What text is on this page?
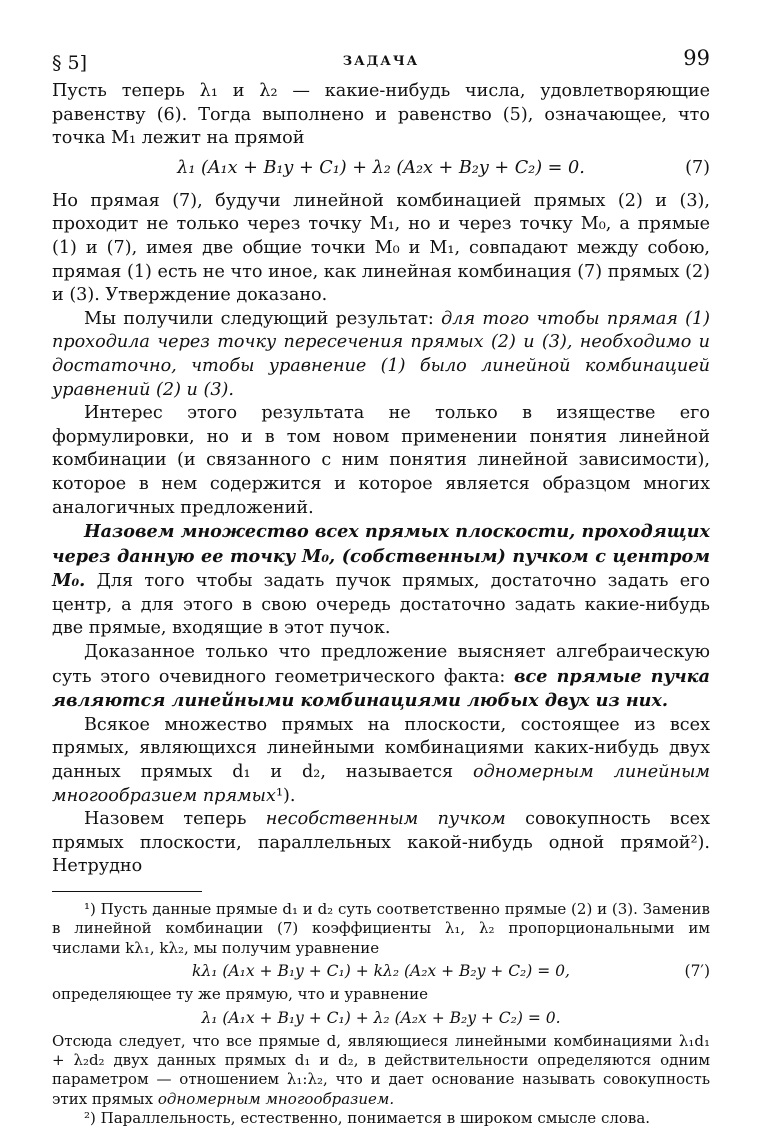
§ 5]	ЗАДАЧА	99

Пусть теперь λ₁ и λ₂ — какие-нибудь числа, удовлетворяющие равенству (6). Тогда выполнено и равенство (5), означающее, что точка M₁ лежит на прямой

λ₁ (A₁x + B₁y + C₁) + λ₂ (A₂x + B₂y + C₂) = 0.	(7)

Но прямая (7), будучи линейной комбинацией прямых (2) и (3), проходит не только через точку M₁, но и через точку M₀, а прямые (1) и (7), имея две общие точки M₀ и M₁, совпадают между собою, прямая (1) есть не что иное, как линейная комбинация (7) прямых (2) и (3). Утверждение доказано.

Мы получили следующий результат: для того чтобы прямая (1) проходила через точку пересечения прямых (2) и (3), необходимо и достаточно, чтобы уравнение (1) было линейной комбинацией уравнений (2) и (3).

Интерес этого результата не только в изяществе его формулировки, но и в том новом применении понятия линейной комбинации (и связанного с ним понятия линейной зависимости), которое в нем содержится и которое является образцом многих аналогичных предложений.

Назовем множество всех прямых плоскости, проходящих через данную ее точку M₀, (собственным) пучком с центром M₀. Для того чтобы задать пучок прямых, достаточно задать его центр, а для этого в свою очередь достаточно задать какие-нибудь две прямые, входящие в этот пучок.

Доказанное только что предложение выясняет алгебраическую суть этого очевидного геометрического факта: все прямые пучка являются линейными комбинациями любых двух из них.

Всякое множество прямых на плоскости, состоящее из всех прямых, являющихся линейными комбинациями каких-нибудь двух данных прямых d₁ и d₂, называется одномерным линейным многообразием прямых¹).

Назовем теперь несобственным пучком совокупность всех прямых плоскости, параллельных какой-нибудь одной прямой²). Нетрудно

¹) Пусть данные прямые d₁ и d₂ суть соответственно прямые (2) и (3). Заменив в линейной комбинации (7) коэффициенты λ₁, λ₂ пропорциональными им числами kλ₁, kλ₂, мы получим уравнение

kλ₁ (A₁x + B₁y + C₁) + kλ₂ (A₂x + B₂y + C₂) = 0,	(7′)

определяющее ту же прямую, что и уравнение

λ₁ (A₁x + B₁y + C₁) + λ₂ (A₂x + B₂y + C₂) = 0.

Отсюда следует, что все прямые d, являющиеся линейными комбинациями λ₁d₁ + λ₂d₂ двух данных прямых d₁ и d₂, в действительности определяются одним параметром — отношением λ₁:λ₂, что и дает основание называть совокупность этих прямых одномерным многообразием.

²) Параллельность, естественно, понимается в широком смысле слова.
